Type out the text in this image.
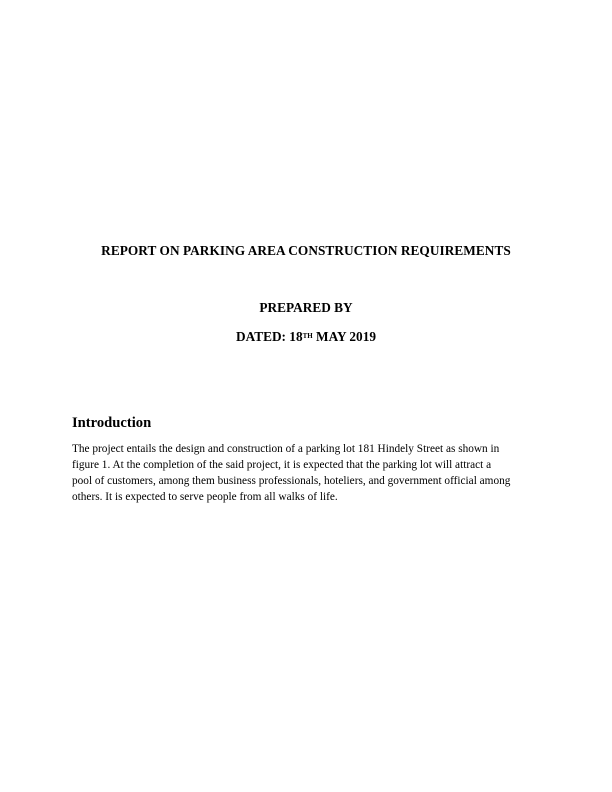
REPORT ON PARKING AREA CONSTRUCTION REQUIREMENTS
PREPARED BY
DATED: 18TH MAY 2019
Introduction
The project entails the design and construction of a parking lot 181 Hindely Street as shown in
figure 1. At the completion of the said project, it is expected that the parking lot will attract a
pool of customers, among them business professionals, hoteliers, and government official among
others. It is expected to serve people from all walks of life.
